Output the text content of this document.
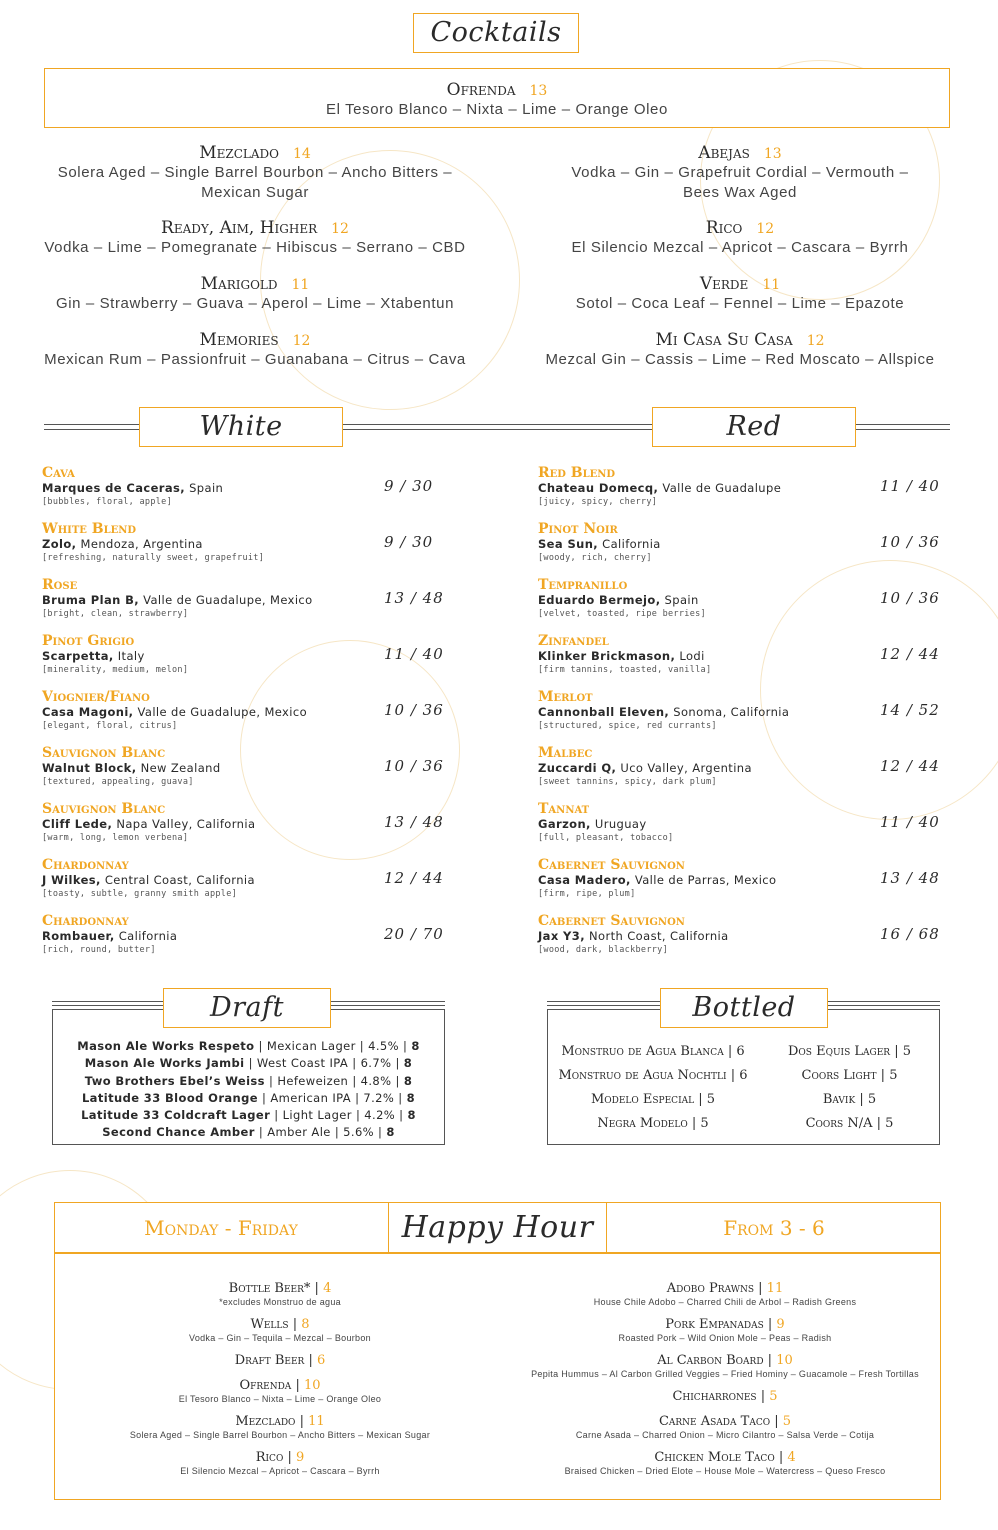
Cocktails
Ofrenda 13
El Tesoro Blanco – Nixta – Lime – Orange Oleo
Mezclado 14
Solera Aged – Single Barrel Bourbon – Ancho Bitters –
Mexican Sugar
Ready, Aim, Higher 12
Vodka – Lime – Pomegranate – Hibiscus – Serrano – CBD
Marigold 11
Gin – Strawberry – Guava – Aperol – Lime – Xtabentun
Memories 12
Mexican Rum – Passionfruit – Guanabana – Citrus – Cava
Abejas 13
Vodka – Gin – Grapefruit Cordial – Vermouth –
Bees Wax Aged
Rico 12
El Silencio Mezcal – Apricot – Cascara – Byrrh
Verde 11
Sotol – Coca Leaf – Fennel – Lime – Epazote
Mi Casa Su Casa 12
Mezcal Gin – Cassis – Lime – Red Moscato – Allspice
White	Red
Cava
Marques de Caceras, Spain
[bubbles, floral, apple]
9 / 30
White Blend
Zolo, Mendoza, Argentina
[refreshing, naturally sweet, grapefruit]
9 / 30
Rose
Bruma Plan B, Valle de Guadalupe, Mexico
[bright, clean, strawberry]
13 / 48
Pinot Grigio
Scarpetta, Italy
[minerality, medium, melon]
11 / 40
Viognier/Fiano
Casa Magoni, Valle de Guadalupe, Mexico
[elegant, floral, citrus]
10 / 36
Sauvignon Blanc
Walnut Block, New Zealand
[textured, appealing, guava]
10 / 36
Sauvignon Blanc
Cliff Lede, Napa Valley, California
[warm, long, lemon verbena]
13 / 48
Chardonnay
J Wilkes, Central Coast, California
[toasty, subtle, granny smith apple]
12 / 44
Chardonnay
Rombauer, California
[rich, round, butter]
20 / 70
Red Blend
Chateau Domecq, Valle de Guadalupe
[juicy, spicy, cherry]
11 / 40
Pinot Noir
Sea Sun, California
[woody, rich, cherry]
10 / 36
Tempranillo
Eduardo Bermejo, Spain
[velvet, toasted, ripe berries]
10 / 36
Zinfandel
Klinker Brickmason, Lodi
[firm tannins, toasted, vanilla]
12 / 44
Merlot
Cannonball Eleven, Sonoma, California
[structured, spice, red currants]
14 / 52
Malbec
Zuccardi Q, Uco Valley, Argentina
[sweet tannins, spicy, dark plum]
12 / 44
Tannat
Garzon, Uruguay
[full, pleasant, tobacco]
11 / 40
Cabernet Sauvignon
Casa Madero, Valle de Parras, Mexico
[firm, ripe, plum]
13 / 48
Cabernet Sauvignon
Jax Y3, North Coast, California
[wood, dark, blackberry]
16 / 68
Mason Ale Works Respeto | Mexican Lager | 4.5% | 8
Mason Ale Works Jambi | West Coast IPA | 6.7% | 8
Two Brothers Ebel’s Weiss | Hefeweizen | 4.8% | 8
Latitude 33 Blood Orange | American IPA | 7.2% | 8
Latitude 33 Coldcraft Lager | Light Lager | 4.2% | 8
Second Chance Amber | Amber Ale | 5.6% | 8
Draft
Monstruo de Agua Blanca | 6
Monstruo de Agua Nochtli | 6
Modelo Especial | 5
Negra Modelo | 5
Dos Equis Lager | 5
Coors Light | 5
Bavik | 5
Coors N/A | 5
Bottled
Monday - Friday	Happy Hour	From 3 - 6
Bottle Beer* | 4
*excludes Monstruo de agua
Wells | 8
Vodka – Gin – Tequila – Mezcal – Bourbon
Draft Beer | 6
Ofrenda | 10
El Tesoro Blanco – Nixta – Lime – Orange Oleo
Mezclado | 11
Solera Aged – Single Barrel Bourbon – Ancho Bitters – Mexican Sugar
Rico | 9
El Silencio Mezcal – Apricot – Cascara – Byrrh
Adobo Prawns | 11
House Chile Adobo – Charred Chili de Arbol – Radish Greens
Pork Empanadas | 9
Roasted Pork – Wild Onion Mole – Peas – Radish
Al Carbon Board | 10
Pepita Hummus – Al Carbon Grilled Veggies – Fried Hominy – Guacamole – Fresh Tortillas
Chicharrones | 5
Carne Asada Taco | 5
Carne Asada – Charred Onion – Micro Cilantro – Salsa Verde – Cotija
Chicken Mole Taco | 4
Braised Chicken – Dried Elote – House Mole – Watercress – Queso Fresco
